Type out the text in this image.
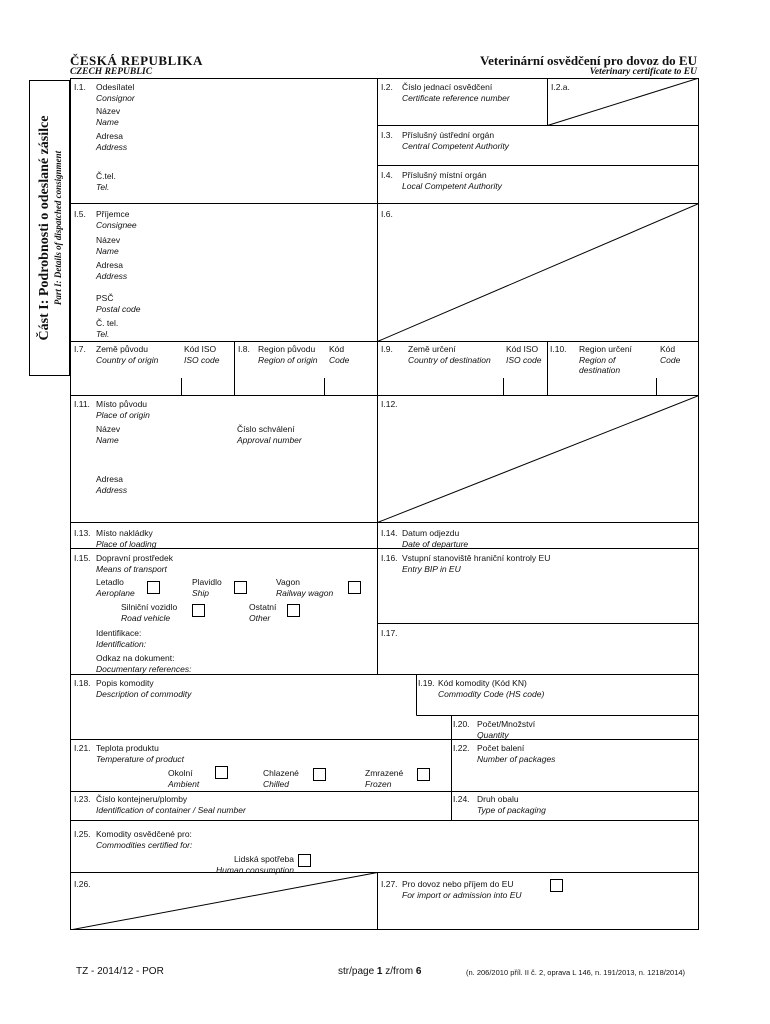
ČESKÁ REPUBLIKA
CZECH REPUBLIC
Veterinární osvědčení pro dovoz do EU
Veterinary certificate to EU
Část I: Podrobnosti o odeslané zásilce Part I: Details of dispatched consignment
I.1. Odesílatel
Consignor
Název
Name
Adresa
Address
Č.tel.
Tel.
I.2. Číslo jednací osvědčení
Certificate reference number
I.2.a.
I.3. Příslušný ústřední orgán
Central Competent Authority
I.4. Příslušný místní orgán
Local Competent Authority
I.5. Příjemce
Consignee
Název
Name
Adresa
Address
PSČ
Postal code
Č. tel.
Tel.
I.6.
I.7. Země původu
Country of origin
Kód ISO
ISO code
I.8. Region původu
Region of origin
Kód
Code
I.9. Země určení
Country of destination
Kód ISO
ISO code
I.10. Region určení
Region of
destination
Kód
Code
I.11. Místo původu
Place of origin
Název
Name
Číslo schválení
Approval number
Adresa
Address
I.12.
I.13. Místo nakládky
Place of loading
I.14. Datum odjezdu
Date of departure
I.15. Dopravní prostředek
Means of transport
Letadlo
Aeroplane
Plavidlo
Ship
Vagon
Railway wagon
Silniční vozidlo
Road vehicle
Ostatní
Other
Identifikace:
Identification:
Odkaz na dokument:
Documentary references:
I.16. Vstupní stanoviště hraniční kontroly EU
Entry BIP in EU
I.17.
I.18. Popis komodity
Description of commodity
I.19. Kód komodity (Kód KN)
Commodity Code (HS code)
I.20. Počet/Množství
Quantity
I.21. Teplota produktu
Temperature of product
Okolní
Ambient
Chlazené
Chilled
Zmrazené
Frozen
I.22. Počet balení
Number of packages
I.23. Číslo kontejneru/plomby
Identification of container / Seal number
I.24. Druh obalu
Type of packaging
I.25. Komodity osvědčené pro:
Commodities certified for:
Lidská spotřeba
Human consumption
I.26.	I.27. Pro dovoz nebo příjem do EU
For import or admission into EU
TZ - 2014/12 - POR	str/page 1 z/from 6	(n. 206/2010 příl. II č. 2, oprava L 146, n. 191/2013, n. 1218/2014)
